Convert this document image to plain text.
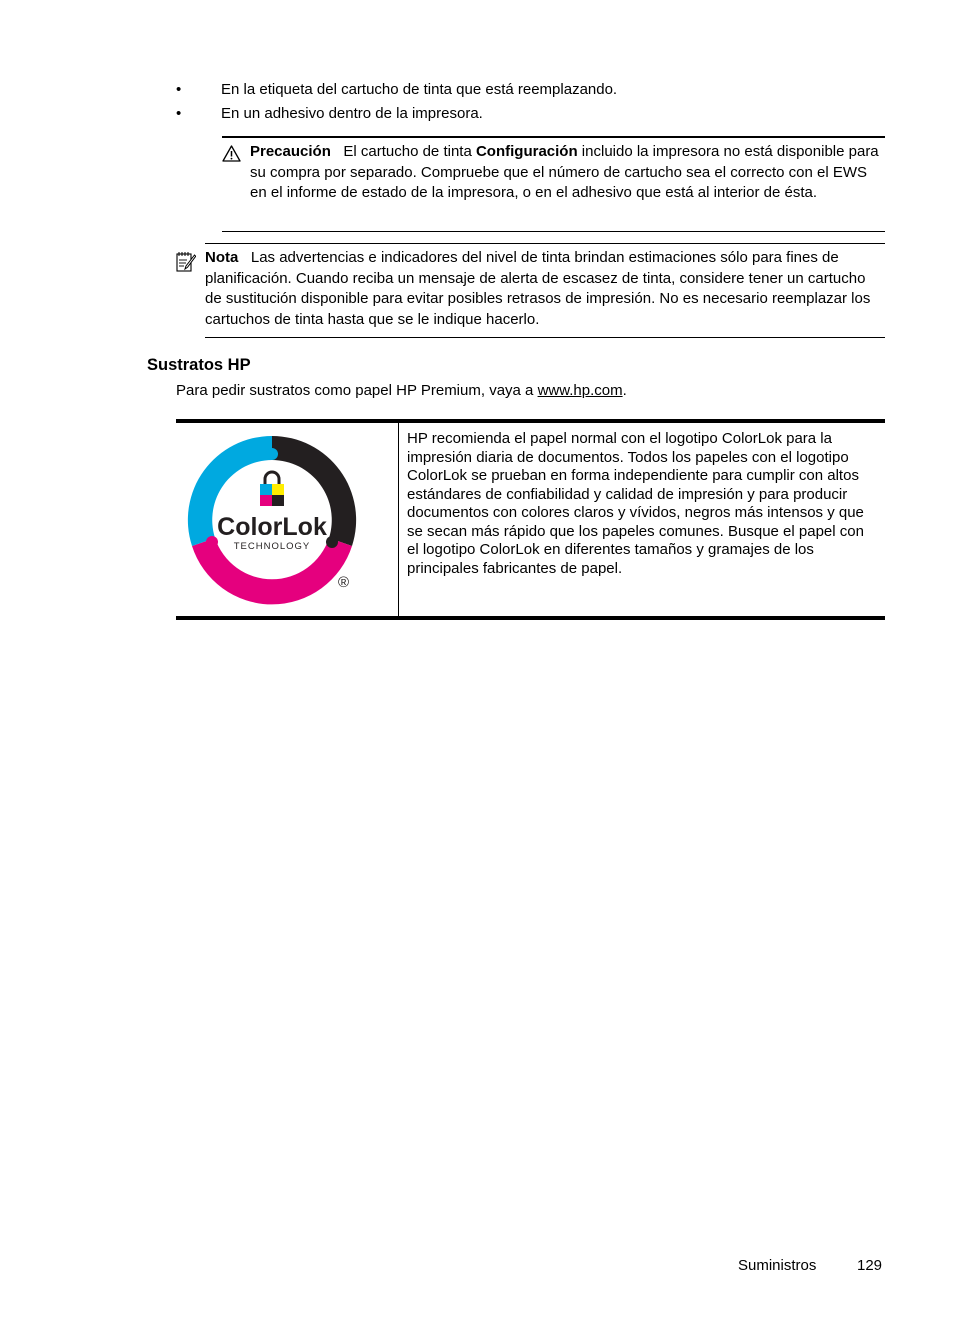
•	En la etiqueta del cartucho de tinta que está reemplazando.
•	En un adhesivo dentro de la impresora.
Precaución El cartucho de tinta Configuración incluido la impresora no está disponible para su compra por separado. Compruebe que el número de cartucho sea el correcto con el EWS en el informe de estado de la impresora, o en el adhesivo que está al interior de ésta.
Nota Las advertencias e indicadores del nivel de tinta brindan estimaciones sólo para fines de planificación. Cuando reciba un mensaje de alerta de escasez de tinta, considere tener un cartucho de sustitución disponible para evitar posibles retrasos de impresión. No es necesario reemplazar los cartuchos de tinta hasta que se le indique hacerlo.
Sustratos HP
Para pedir sustratos como papel HP Premium, vaya a www.hp.com.
ColorLok
TECHNOLOGY
®
HP recomienda el papel normal con el logotipo ColorLok para la impresión diaria de documentos. Todos los papeles con el logotipo ColorLok se prueban en forma independiente para cumplir con altos estándares de confiabilidad y calidad de impresión y para producir documentos con colores claros y vívidos, negros más intensos y que se secan más rápido que los papeles comunes. Busque el papel con el logotipo ColorLok en diferentes tamaños y gramajes de los principales fabricantes de papel.
Suministros	129
